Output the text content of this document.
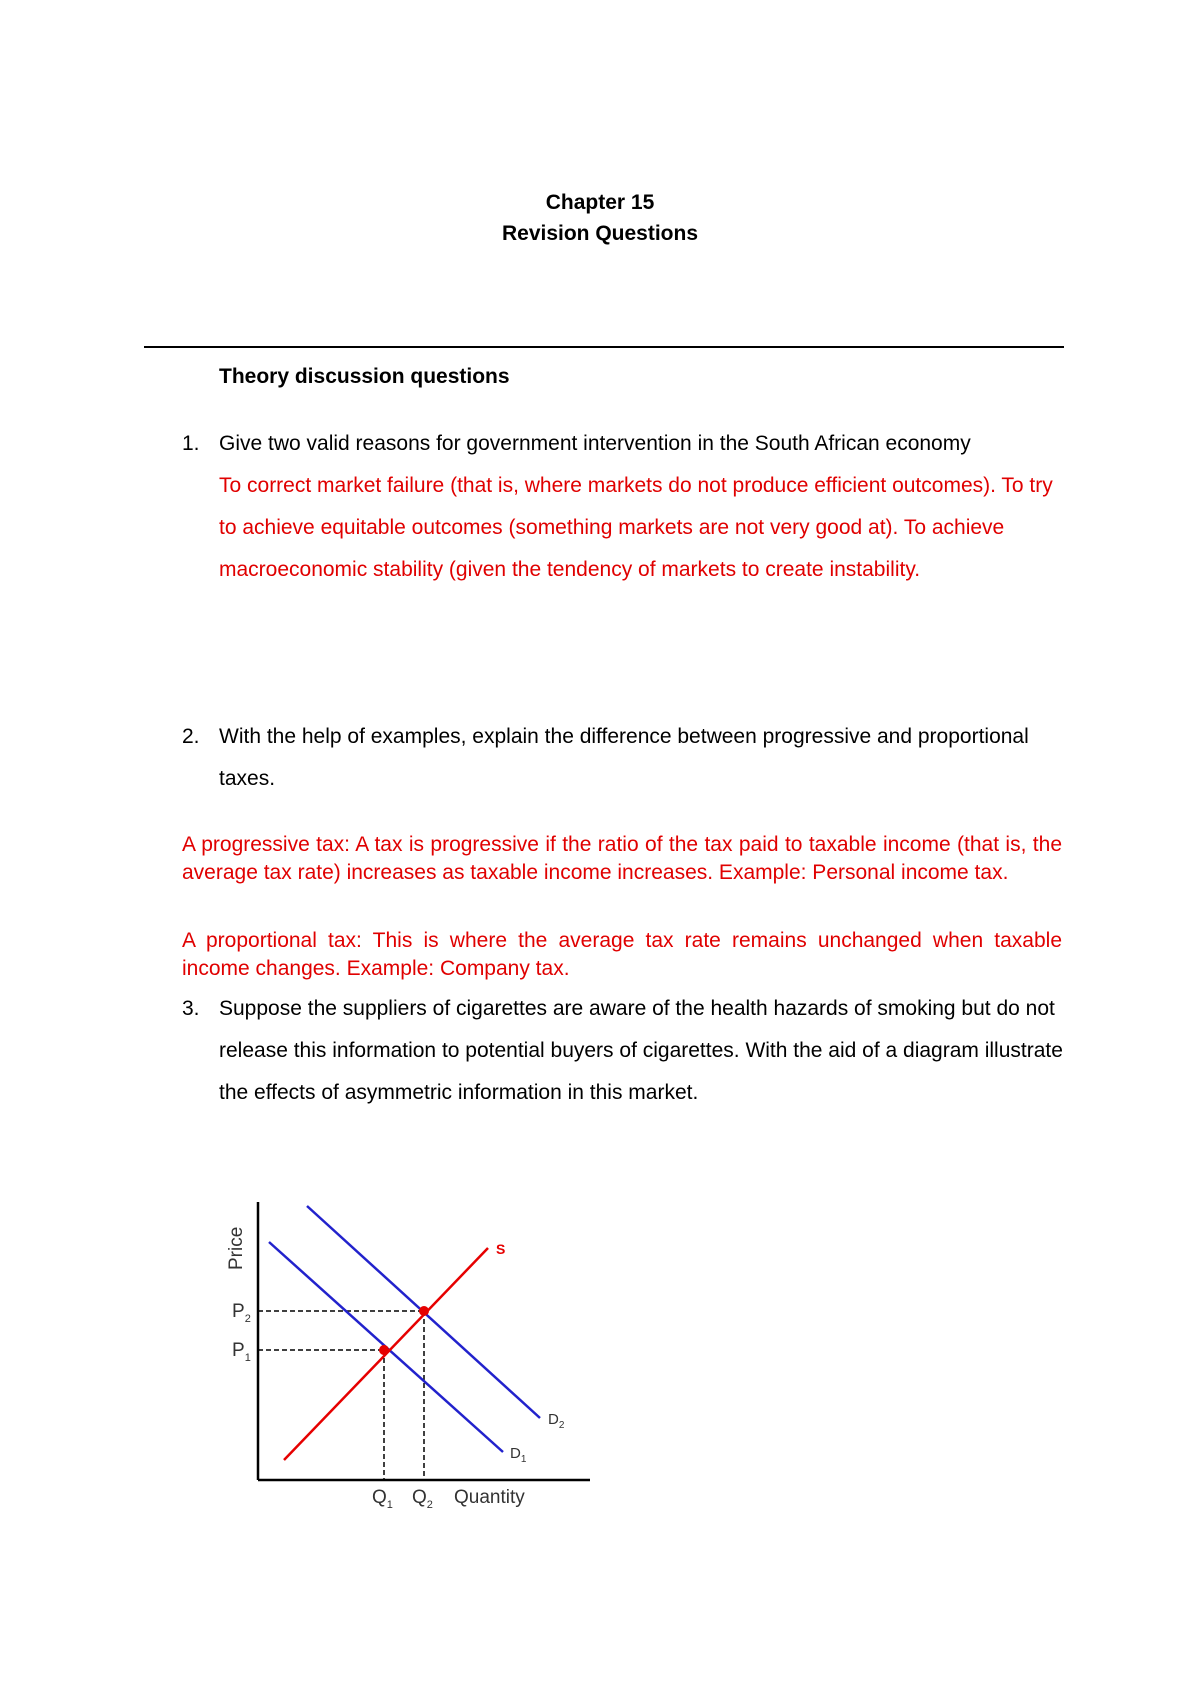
Chapter 15
Revision Questions
Theory discussion questions
1. Give two valid reasons for government intervention in the South African economy
To correct market failure (that is, where markets do not produce efficient outcomes). To try to achieve equitable outcomes (something markets are not very good at). To achieve macroeconomic stability (given the tendency of markets to create instability.
2. With the help of examples, explain the difference between progressive and proportional taxes.
A progressive tax: A tax is progressive if the ratio of the tax paid to taxable income (that is, the average tax rate) increases as taxable income increases. Example: Personal income tax.
A proportional tax: This is where the average tax rate remains unchanged when taxable income changes. Example: Company tax.
3. Suppose the suppliers of cigarettes are aware of the health hazards of smoking but do not release this information to potential buyers of cigarettes. With the aid of a diagram illustrate the effects of asymmetric information in this market.
Price	S
$D_2$
$D_1$
$P_2$
$P_1$
$Q_1$ $Q_2$ Quantity
